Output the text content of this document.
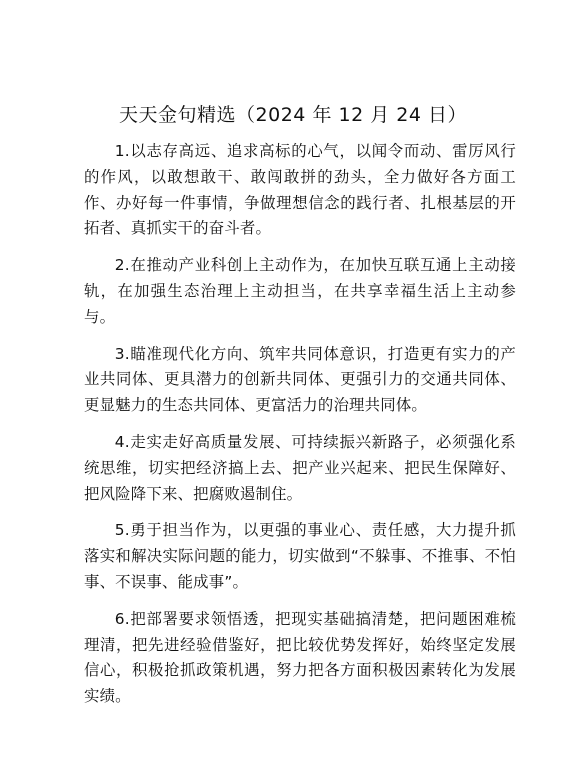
天天金句精选（2024 年 12 月 24 日）

1.以志存高远、追求高标的心气，以闻令而动、雷厉风行的作风，以敢想敢干、敢闯敢拼的劲头，全力做好各方面工作、办好每一件事情，争做理想信念的践行者、扎根基层的开拓者、真抓实干的奋斗者。

2.在推动产业科创上主动作为，在加快互联互通上主动接轨，在加强生态治理上主动担当，在共享幸福生活上主动参与。

3.瞄准现代化方向、筑牢共同体意识，打造更有实力的产业共同体、更具潜力的创新共同体、更强引力的交通共同体、更显魅力的生态共同体、更富活力的治理共同体。

4.走实走好高质量发展、可持续振兴新路子，必须强化系统思维，切实把经济搞上去、把产业兴起来、把民生保障好、把风险降下来、把腐败遏制住。

5.勇于担当作为，以更强的事业心、责任感，大力提升抓落实和解决实际问题的能力，切实做到“不躲事、不推事、不怕事、不误事、能成事”。

6.把部署要求领悟透，把现实基础搞清楚，把问题困难梳理清，把先进经验借鉴好，把比较优势发挥好，始终坚定发展信心，积极抢抓政策机遇，努力把各方面积极因素转化为发展实绩。
